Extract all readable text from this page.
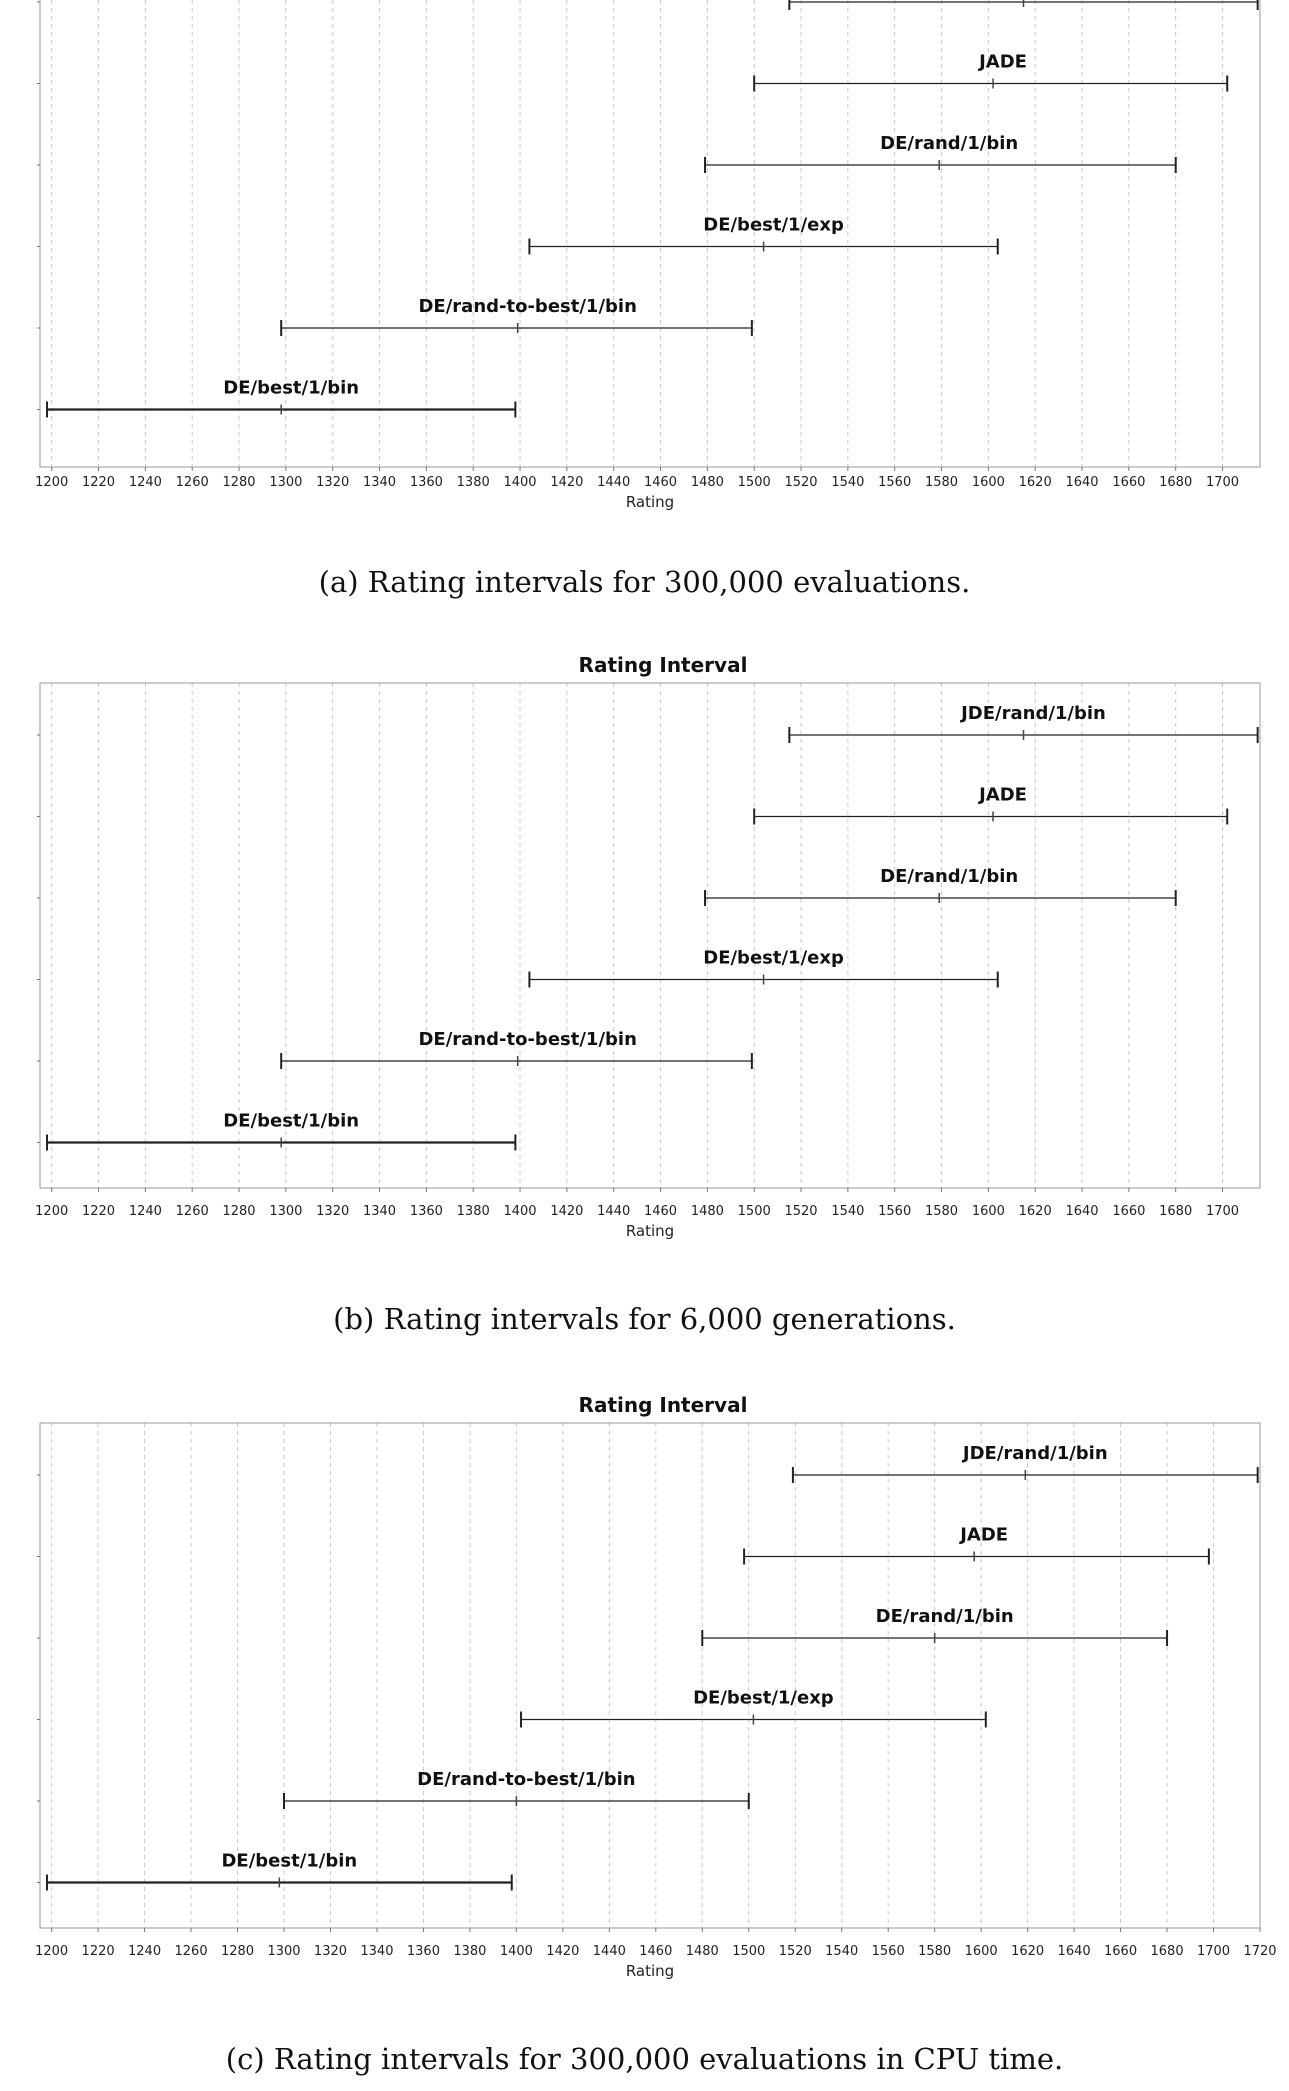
1200 1220 1240 1260 1280 1300 1320 1340 1360 1380 1400 1420 1440 1460 1480 1500 1520 1540 1560 1580 1600 1620 1640 1660 1680 1700
Rating
JADE
DE/rand/1/bin
DE/best/1/exp
DE/rand-to-best/1/bin
DE/best/1/bin
(a) Rating intervals for 300,000 evaluations.
Rating Interval
1200 1220 1240 1260 1280 1300 1320 1340 1360 1380 1400 1420 1440 1460 1480 1500 1520 1540 1560 1580 1600 1620 1640 1660 1680 1700
Rating
JDE/rand/1/bin
JADE
DE/rand/1/bin
DE/best/1/exp
DE/rand-to-best/1/bin
DE/best/1/bin
(b) Rating intervals for 6,000 generations.
Rating Interval
1200 1220 1240 1260 1280 1300 1320 1340 1360 1380 1400 1420 1440 1460 1480 1500 1520 1540 1560 1580 1600 1620 1640 1660 1680 1700 1720
Rating
JDE/rand/1/bin
JADE
DE/rand/1/bin
DE/best/1/exp
DE/rand-to-best/1/bin
DE/best/1/bin
(c) Rating intervals for 300,000 evaluations in CPU time.
